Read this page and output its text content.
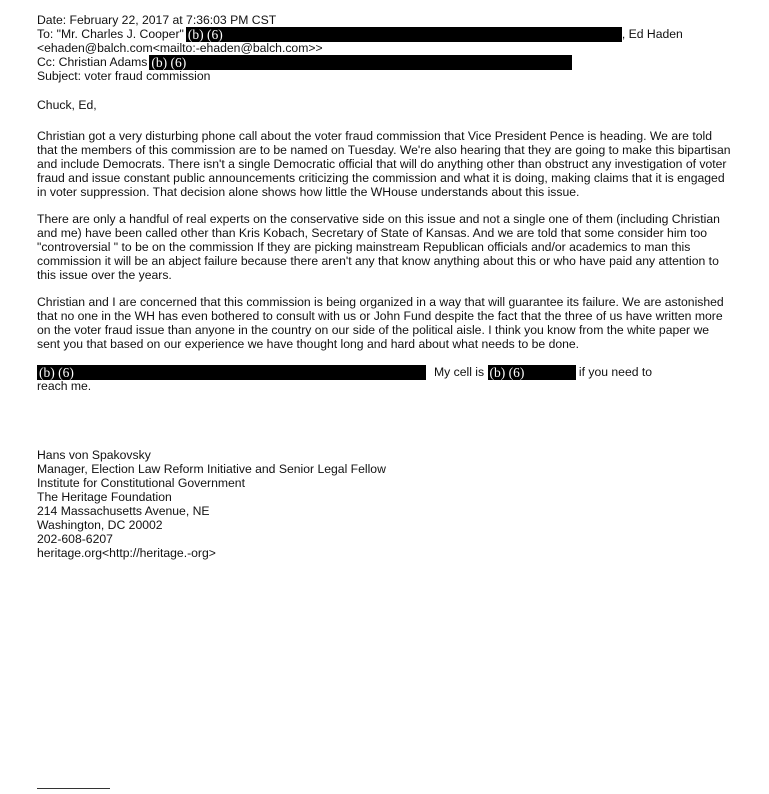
Date: February 22, 2017 at 7:36:03 PM CST
To: "Mr. Charles J. Cooper" (b) (6)	, Ed Haden
<ehaden@balch.com<mailto:-ehaden@balch.com>>
Cc: Christian Adams (b) (6)
Subject: voter fraud commission
Chuck, Ed,
Christian got a very disturbing phone call about the voter fraud commission that Vice President Pence is heading. We are told that the members of this commission are to be named on Tuesday. We're also hearing that they are going to make this bipartisan and include Democrats. There isn't a single Democratic official that will do anything other than obstruct any investigation of voter fraud and issue constant public announcements criticizing the commission and what it is doing, making claims that it is engaged in voter suppression. That decision alone shows how little the WHouse understands about this issue.
There are only a handful of real experts on the conservative side on this issue and not a single one of them (including Christian and me) have been called other than Kris Kobach, Secretary of State of Kansas. And we are told that some consider him too "controversial " to be on the commission If they are picking mainstream Republican officials and/or academics to man this commission it will be an abject failure because there aren't any that know anything about this or who have paid any attention to this issue over the years.
Christian and I are concerned that this commission is being organized in a way that will guarantee its failure. We are astonished that no one in the WH has even bothered to consult with us or John Fund despite the fact that the three of us have written more on the voter fraud issue than anyone in the country on our side of the political aisle. I think you know from the white paper we sent you that based on our experience we have thought long and hard about what needs to be done.
(b) (6)	My cell is (b) (6)	if you need to
reach me.
Hans von Spakovsky
Manager, Election Law Reform Initiative and Senior Legal Fellow
Institute for Constitutional Government
The Heritage Foundation
214 Massachusetts Avenue, NE
Washington, DC 20002
202-608-6207
heritage.org<http://heritage.-org>
